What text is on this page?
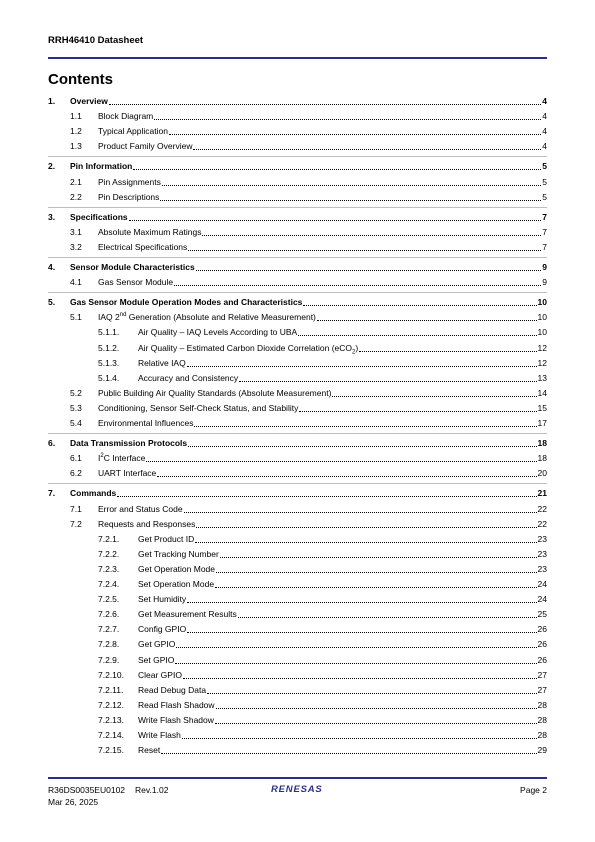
RRH46410 Datasheet
Contents
1.	Overview	4
1.1	Block Diagram	4
1.2	Typical Application	4
1.3	Product Family Overview	4
2.	Pin Information	5
2.1	Pin Assignments	5
2.2	Pin Descriptions	5
3.	Specifications	7
3.1	Absolute Maximum Ratings	7
3.2	Electrical Specifications	7
4.	Sensor Module Characteristics	9
4.1	Gas Sensor Module	9
5.	Gas Sensor Module Operation Modes and Characteristics	10
5.1	IAQ 2nd Generation (Absolute and Relative Measurement)	10
5.1.1.	Air Quality – IAQ Levels According to UBA	10
5.1.2.	Air Quality – Estimated Carbon Dioxide Correlation (eCO$_2$)	12
5.1.3.	Relative IAQ	12
5.1.4.	Accuracy and Consistency	13
5.2	Public Building Air Quality Standards (Absolute Measurement)	14
5.3	Conditioning, Sensor Self-Check Status, and Stability	15
5.4	Environmental Influences	17
6.	Data Transmission Protocols	18
6.1	$I^2C$ Interface	18
6.2	UART Interface	20
7.	Commands	21
7.1	Error and Status Code	22
7.2	Requests and Responses	22
7.2.1.	Get Product ID	23
7.2.2.	Get Tracking Number	23
7.2.3.	Get Operation Mode	23
7.2.4.	Set Operation Mode	24
7.2.5.	Set Humidity	24
7.2.6.	Get Measurement Results	25
7.2.7.	Config GPIO	26
7.2.8.	Get GPIO	26
7.2.9.	Set GPIO	26
7.2.10.	Clear GPIO	27
7.2.11.	Read Debug Data	27
7.2.12.	Read Flash Shadow	28
7.2.13.	Write Flash Shadow	28
7.2.14.	Write Flash	28
7.2.15.	Reset	29
R36DS0035EU0102 Rev.1.02
Mar 26, 2025
RENESAS	Page 2
